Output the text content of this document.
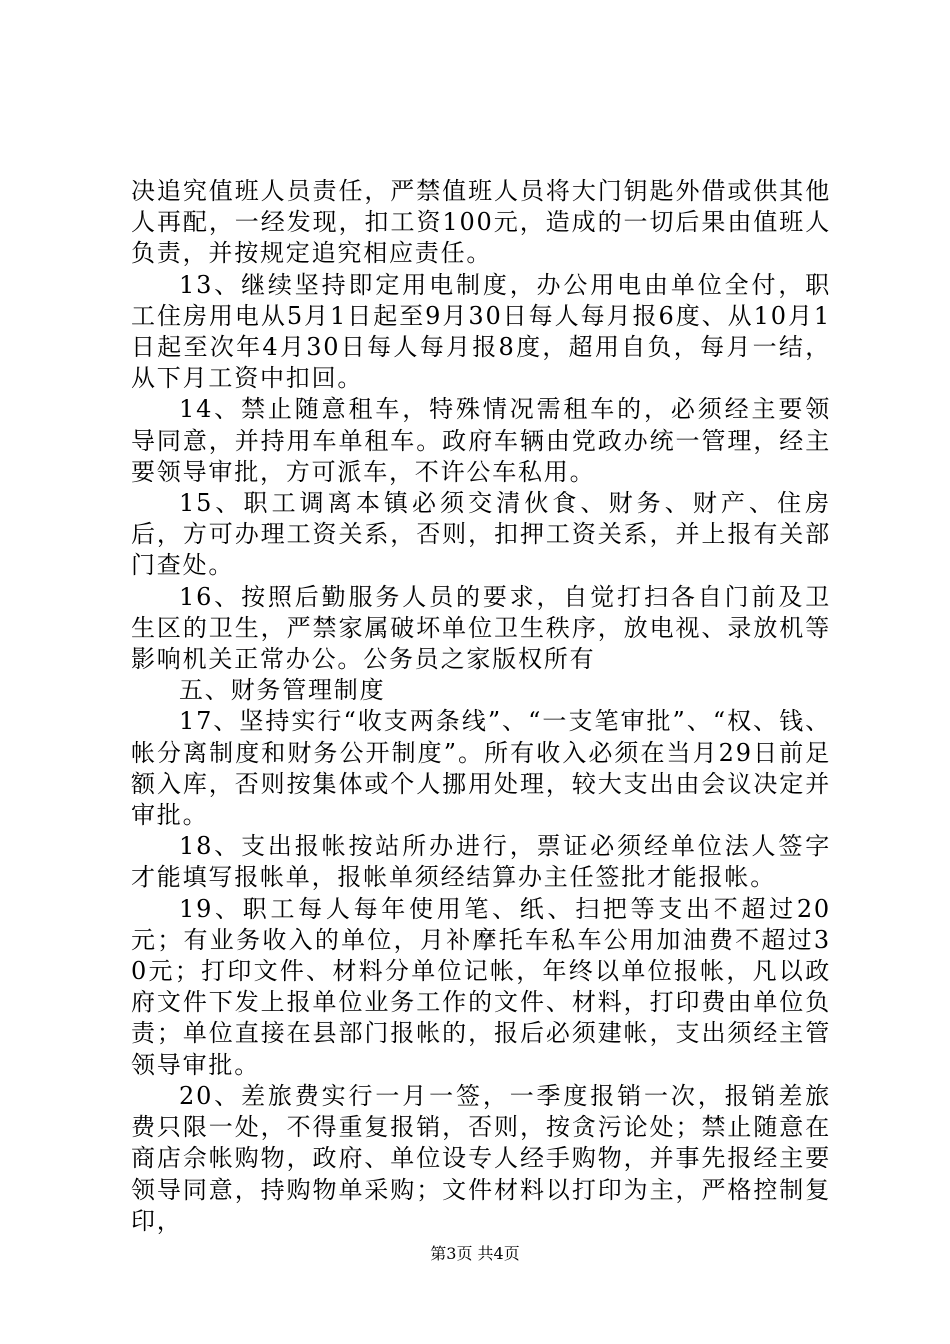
决追究值班人员责任，严禁值班人员将大门钥匙外借或供其他人再配，一经发现，扣工资100元，造成的一切后果由值班人负责，并按规定追究相应责任。

13、继续坚持即定用电制度，办公用电由单位全付，职工住房用电从5月1日起至9月30日每人每月报6度、从10月1日起至次年4月30日每人每月报8度，超用自负，每月一结，从下月工资中扣回。

14、禁止随意租车，特殊情况需租车的，必须经主要领导同意，并持用车单租车。政府车辆由党政办统一管理，经主要领导审批，方可派车，不许公车私用。

15、职工调离本镇必须交清伙食、财务、财产、住房后，方可办理工资关系，否则，扣押工资关系，并上报有关部门查处。

16、按照后勤服务人员的要求，自觉打扫各自门前及卫生区的卫生，严禁家属破坏单位卫生秩序，放电视、录放机等影响机关正常办公。公务员之家版权所有

五、财务管理制度

17、坚持实行“收支两条线”、“一支笔审批”、“权、钱、帐分离制度和财务公开制度”。所有收入必须在当月29日前足额入库，否则按集体或个人挪用处理，较大支出由会议决定并审批。

18、支出报帐按站所办进行，票证必须经单位法人签字才能填写报帐单，报帐单须经结算办主任签批才能报帐。

19、职工每人每年使用笔、纸、扫把等支出不超过20元；有业务收入的单位，月补摩托车私车公用加油费不超过30元；打印文件、材料分单位记帐，年终以单位报帐，凡以政府文件下发上报单位业务工作的文件、材料，打印费由单位负责；单位直接在县部门报帐的，报后必须建帐，支出须经主管领导审批。

20、差旅费实行一月一签，一季度报销一次，报销差旅费只限一处，不得重复报销，否则，按贪污论处；禁止随意在商店佘帐购物，政府、单位设专人经手购物，并事先报经主要领导同意，持购物单采购；文件材料以打印为主，严格控制复印，

第3页 共4页
